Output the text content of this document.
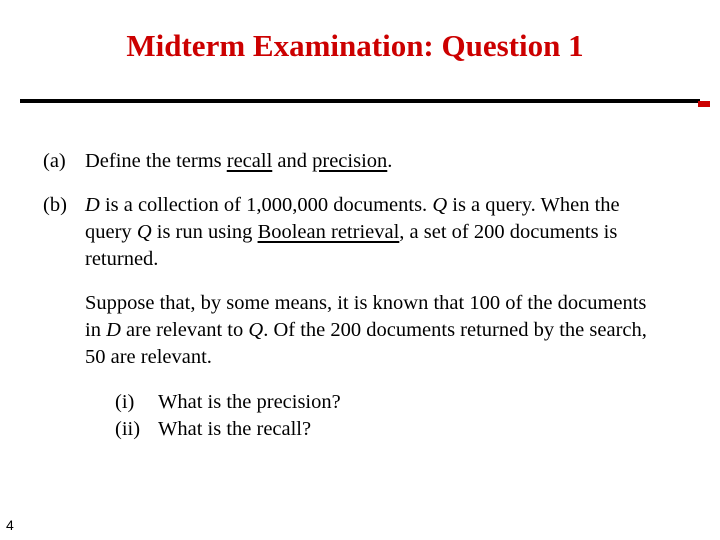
Midterm Examination: Question 1
(a) Define the terms recall and precision.
(b) D is a collection of 1,000,000 documents. Q is a query. When the query Q is run using Boolean retrieval, a set of 200 documents is returned.
Suppose that, by some means, it is known that 100 of the documents in D are relevant to Q. Of the 200 documents returned by the search, 50 are relevant.
(i)	What is the precision?
(ii) What is the recall?
4
